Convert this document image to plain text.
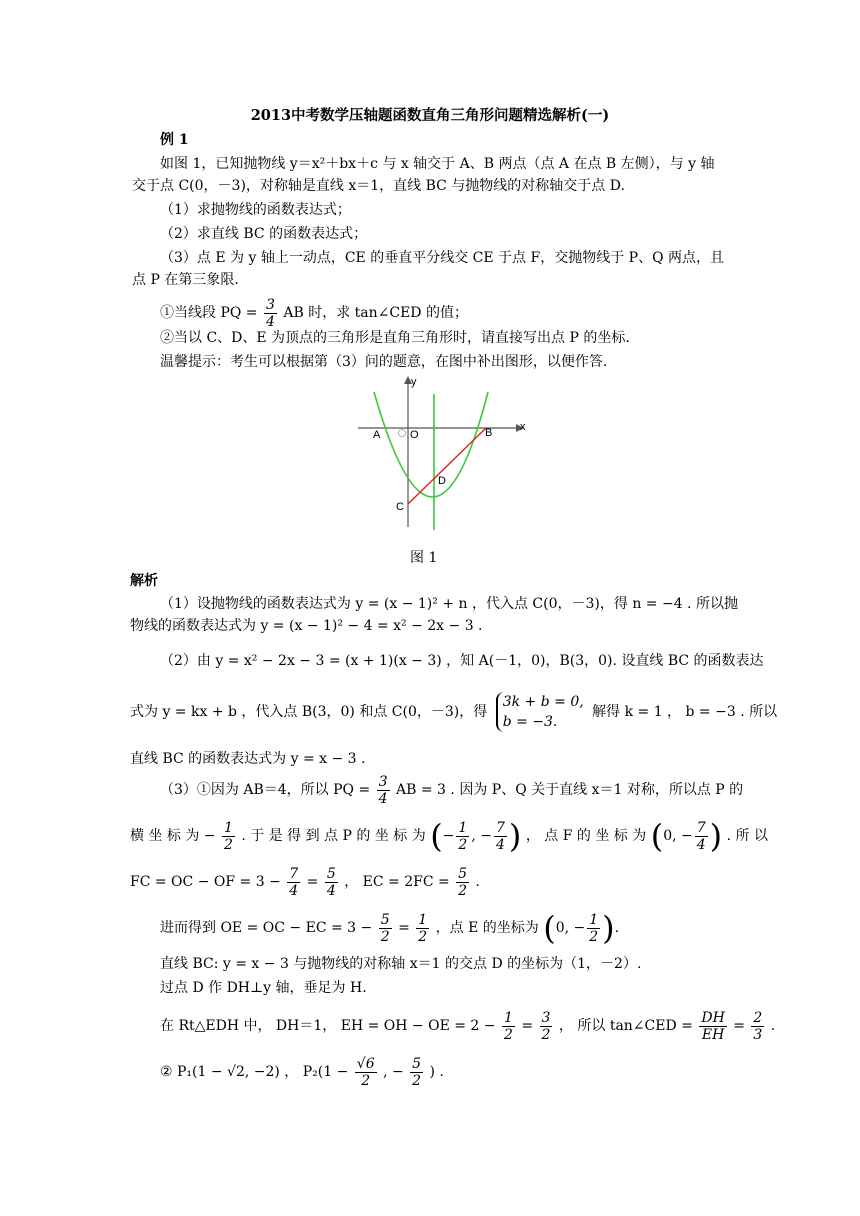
2013中考数学压轴题函数直角三角形问题精选解析(一)
例 1
如图 1，已知抛物线 y＝x²＋bx＋c 与 x 轴交于 A、B 两点（点 A 在点 B 左侧），与 y 轴
交于点 C(0，－3)，对称轴是直线 x＝1，直线 BC 与抛物线的对称轴交于点 D.
（1）求抛物线的函数表达式；
（2）求直线 BC 的函数表达式；
（3）点 E 为 y 轴上一动点，CE 的垂直平分线交 CE 于点 F，交抛物线于 P、Q 两点，且
点 P 在第三象限.
①当线段 PQ = $\frac{3}{4}$ AB 时，求 tan∠CED 的值；
②当以 C、D、E 为顶点的三角形是直角三角形时，请直接写出点 P 的坐标.
温馨提示：考生可以根据第（3）问的题意，在图中补出图形，以便作答.
y
x
A	O	B
C
D
图 1
解析
（1）设抛物线的函数表达式为 y = (x − 1)² + n ，代入点 C(0，－3)，得 n = −4 . 所以抛
物线的函数表达式为 y = (x − 1)² − 4 = x² − 2x − 3 .
（2）由 y = x² − 2x − 3 = (x + 1)(x − 3) ，知 A(－1，0)，B(3，0). 设直线 BC 的函数表达
式为 y = kx + b ，代入点 B(3，0) 和点 C(0，－3)，得
3k + b = 0,
b = −3.
解得 k = 1 ， b = −3 . 所以
直线 BC 的函数表达式为 y = x − 3 .
（3）①因为 AB＝4，所以 PQ = $\frac{3}{4}$ AB = 3 . 因为 P、Q 关于直线 x＝1 对称，所以点 P 的
横 坐 标 为 − $\frac{1}{2}$ . 于 是 得 到 点 P 的 坐 标 为 (− $\frac{1}{2}$ , − $\frac{7}{4}$ ) ， 点 F 的 坐 标 为 (0, − $\frac{7}{4}$ ) . 所 以
FC = OC − OF = $3 - \frac{7}{4} = \frac{5}{4}$ ， EC = $2FC = \frac{5}{2}$ .
进而得到 OE = OC − EC = $3 - \frac{5}{2} = \frac{1}{2}$ ，点 E 的坐标为 (0, − $\frac{1}{2}$ ).
直线 BC: y = x − 3 与抛物线的对称轴 x＝1 的交点 D 的坐标为（1，－2）.
过点 D 作 DH⊥y 轴，垂足为 H.
在 Rt△EDH 中， DH＝1， EH = OH − OE = $2 - \frac{1}{2} = \frac{3}{2}$ ， 所以 tan∠CED = $\frac{DH}{EH} = \frac{2}{3}$ .
② P₁(1 − √2, −2) ， $P_2(1 - \frac{√6}{2}$ , − $\frac{5}{2}$ ) .
